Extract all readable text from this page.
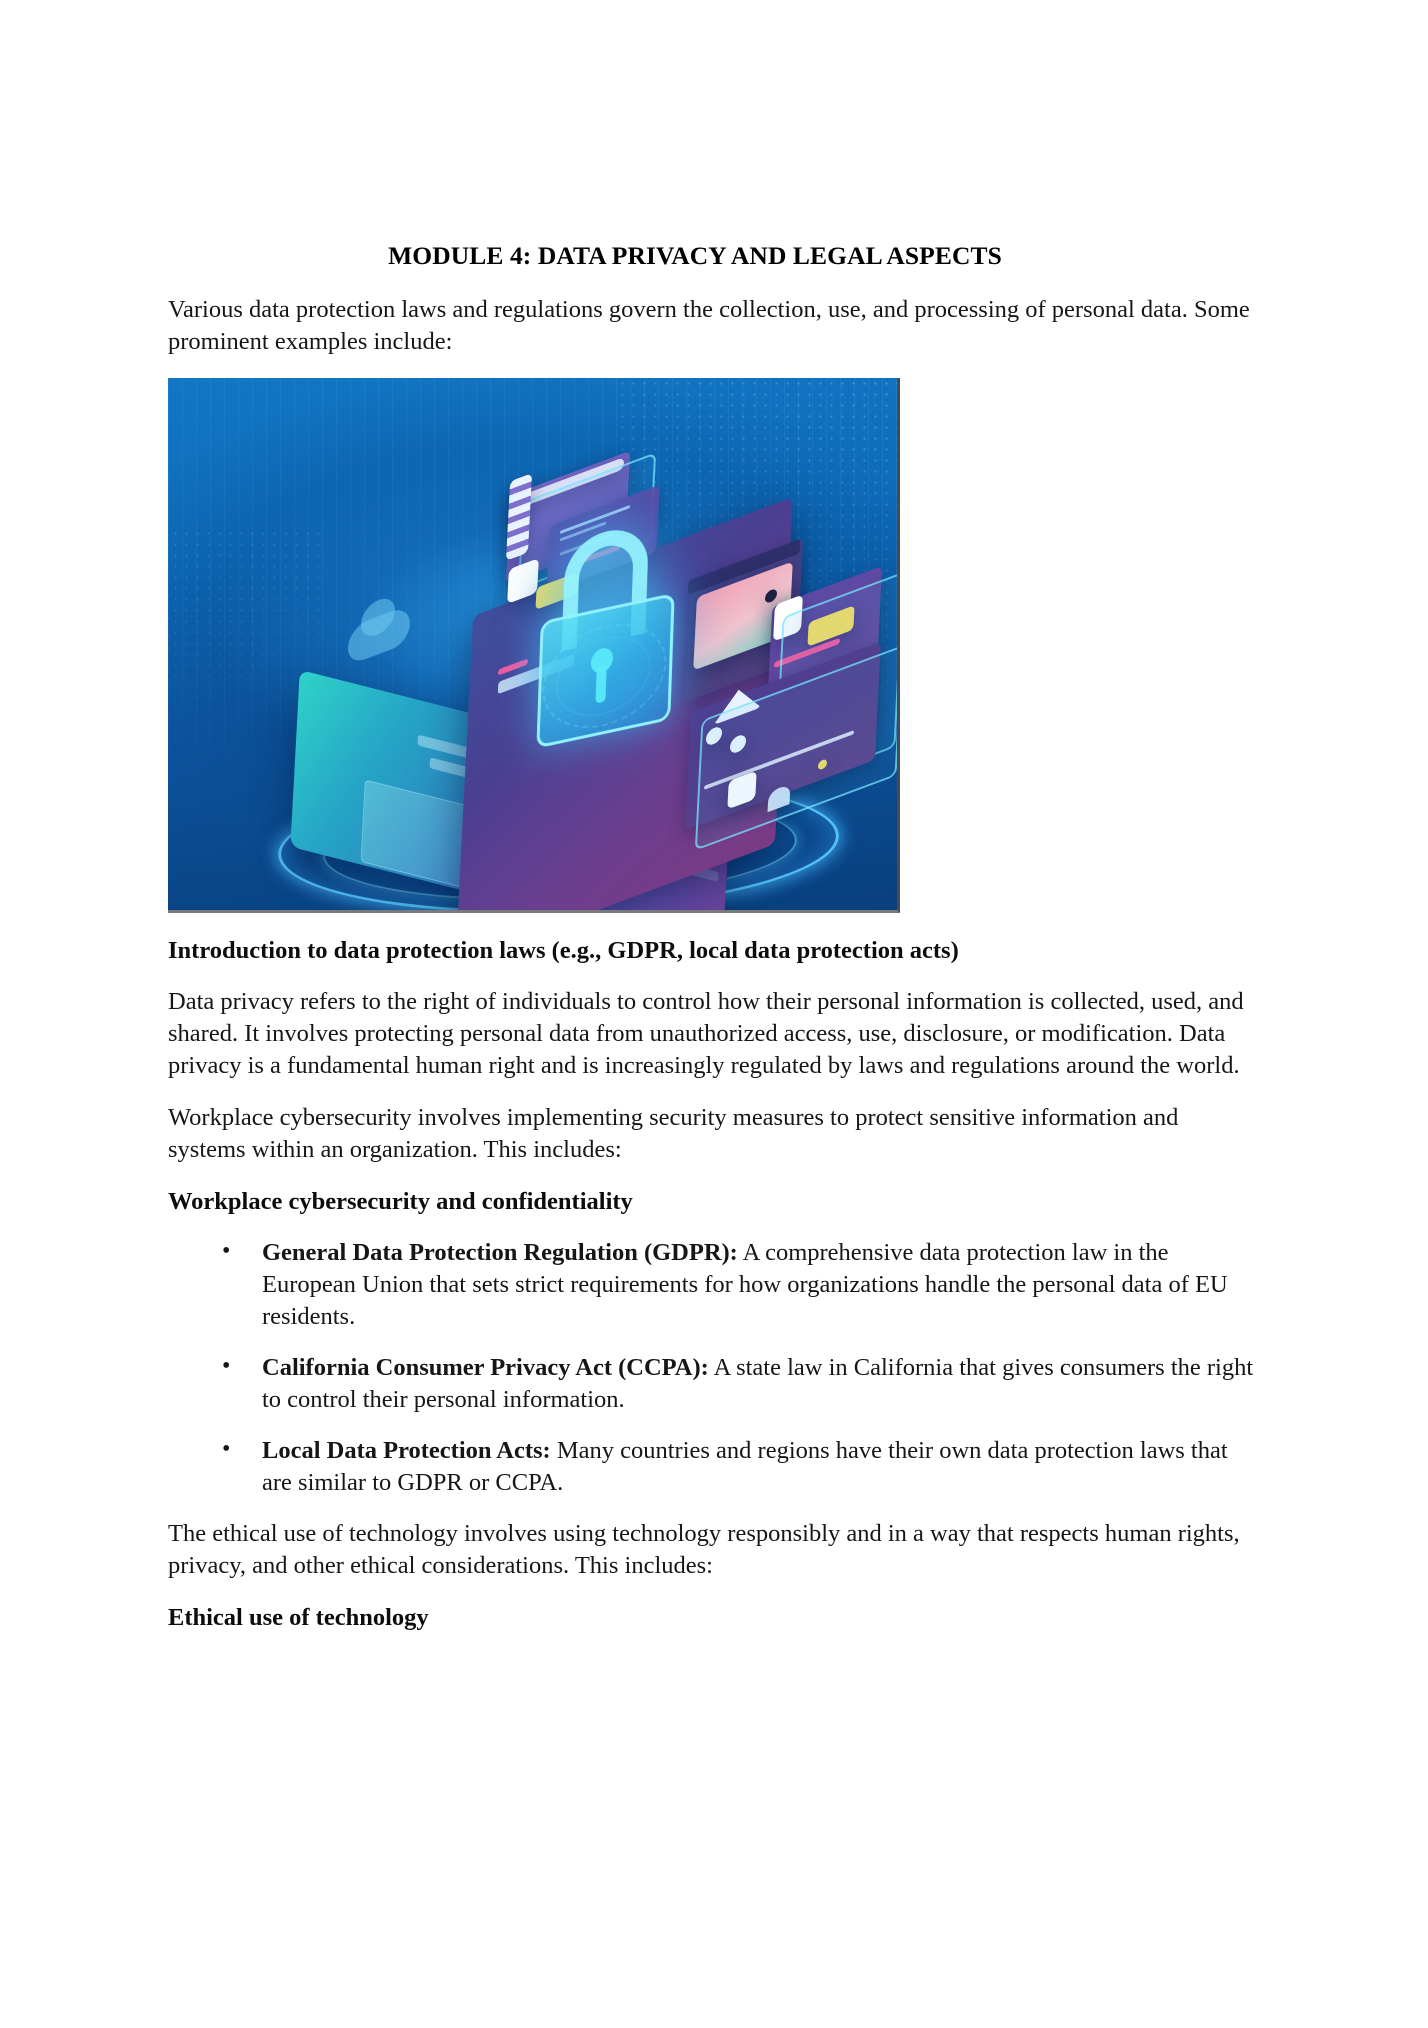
MODULE 4: DATA PRIVACY AND LEGAL ASPECTS

Various data protection laws and regulations govern the collection, use, and processing of personal data. Some prominent examples include:

Introduction to data protection laws (e.g., GDPR, local data protection acts)

Data privacy refers to the right of individuals to control how their personal information is collected, used, and shared. It involves protecting personal data from unauthorized access, use, disclosure, or modification. Data privacy is a fundamental human right and is increasingly regulated by laws and regulations around the world.

Workplace cybersecurity involves implementing security measures to protect sensitive information and systems within an organization. This includes:

Workplace cybersecurity and confidentiality
• General Data Protection Regulation (GDPR): A comprehensive data protection law in the European Union that sets strict requirements for how organizations handle the personal data of EU residents.
• California Consumer Privacy Act (CCPA): A state law in California that gives consumers the right to control their personal information.
• Local Data Protection Acts: Many countries and regions have their own data protection laws that are similar to GDPR or CCPA.

The ethical use of technology involves using technology responsibly and in a way that respects human rights, privacy, and other ethical considerations. This includes:

Ethical use of technology
